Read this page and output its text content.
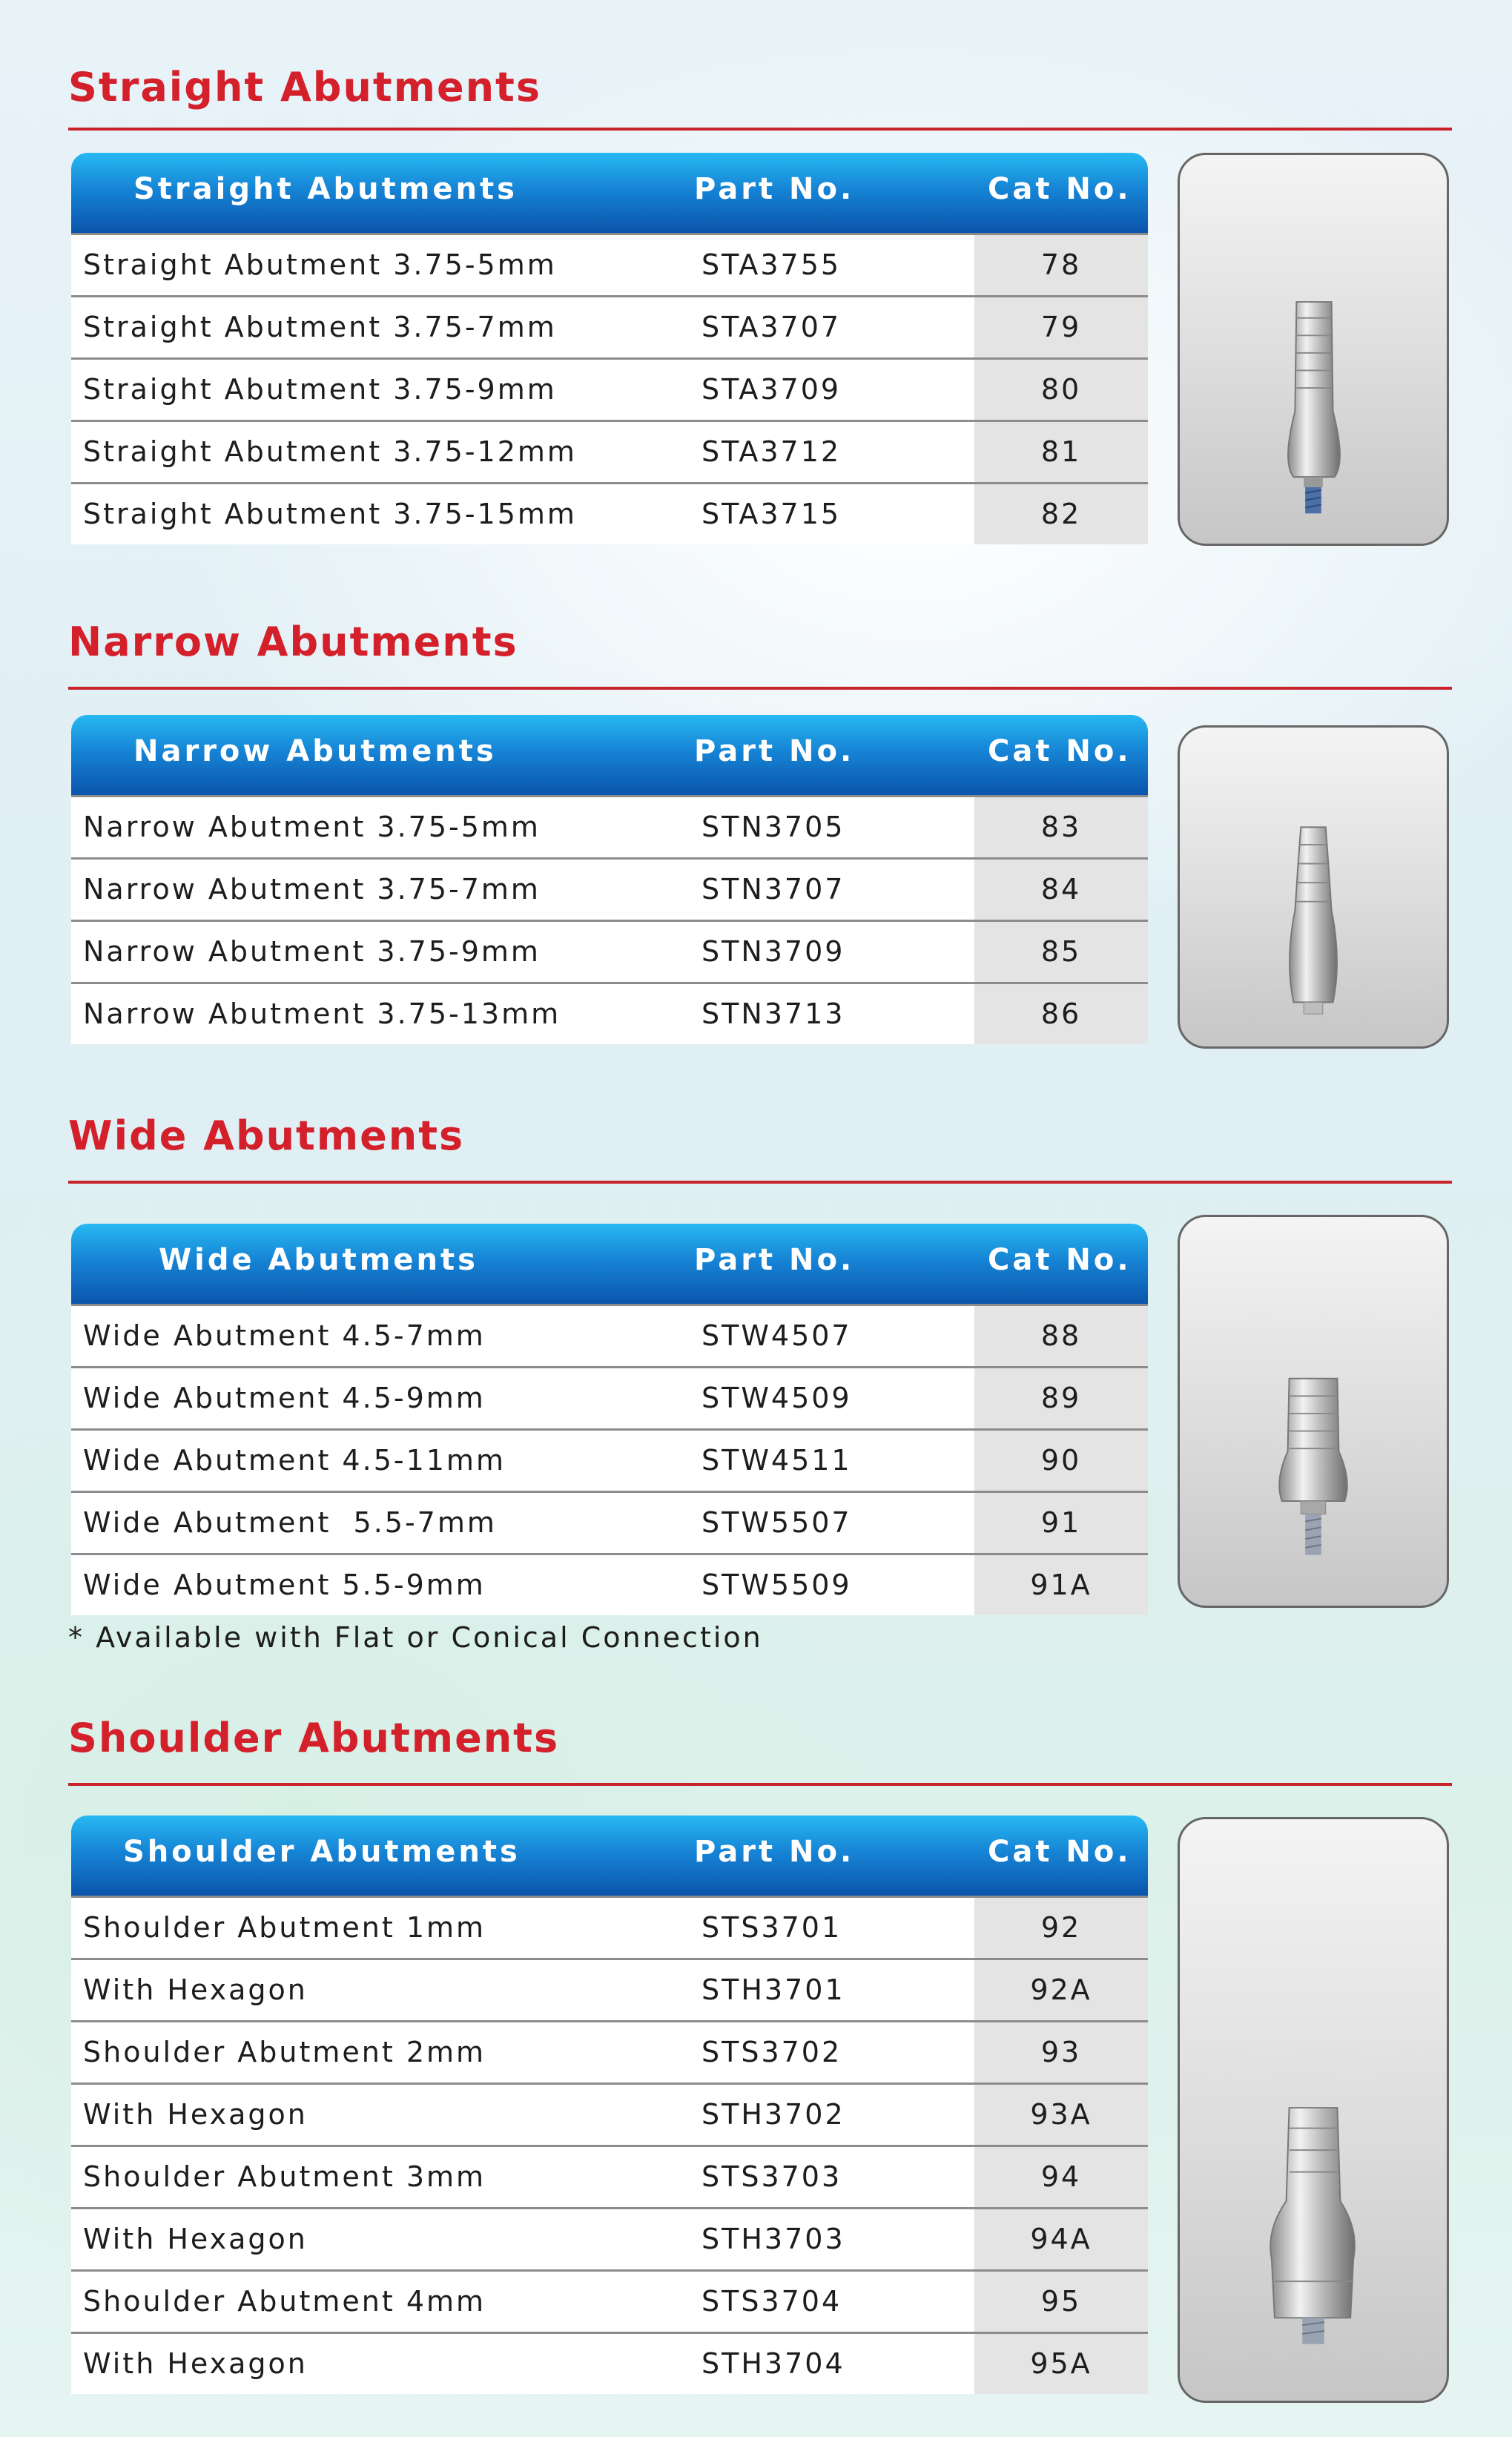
Straight Abutments
Straight Abutments	Part No.	Cat No.
Straight Abutment 3.75-5mm	STA3755	78
Straight Abutment 3.75-7mm	STA3707	79
Straight Abutment 3.75-9mm	STA3709	80
Straight Abutment 3.75-12mm	STA3712	81
Straight Abutment 3.75-15mm	STA3715	82
Narrow Abutments
Narrow Abutments	Part No.	Cat No.
Narrow Abutment 3.75-5mm	STN3705	83
Narrow Abutment 3.75-7mm	STN3707	84
Narrow Abutment 3.75-9mm	STN3709	85
Narrow Abutment 3.75-13mm	STN3713	86
Wide Abutments
Wide Abutments	Part No.	Cat No.
Wide Abutment 4.5-7mm	STW4507	88
Wide Abutment 4.5-9mm	STW4509	89
Wide Abutment 4.5-11mm	STW4511	90
Wide Abutment  5.5-7mm	STW5507	91
Wide Abutment 5.5-9mm	STW5509	91A
* Available with Flat or Conical Connection
Shoulder Abutments
Shoulder Abutments	Part No.	Cat No.
Shoulder Abutment 1mm	STS3701	92
With Hexagon	STH3701	92A
Shoulder Abutment 2mm	STS3702	93
With Hexagon	STH3702	93A
Shoulder Abutment 3mm	STS3703	94
With Hexagon	STH3703	94A
Shoulder Abutment 4mm	STS3704	95
With Hexagon	STH3704	95A
